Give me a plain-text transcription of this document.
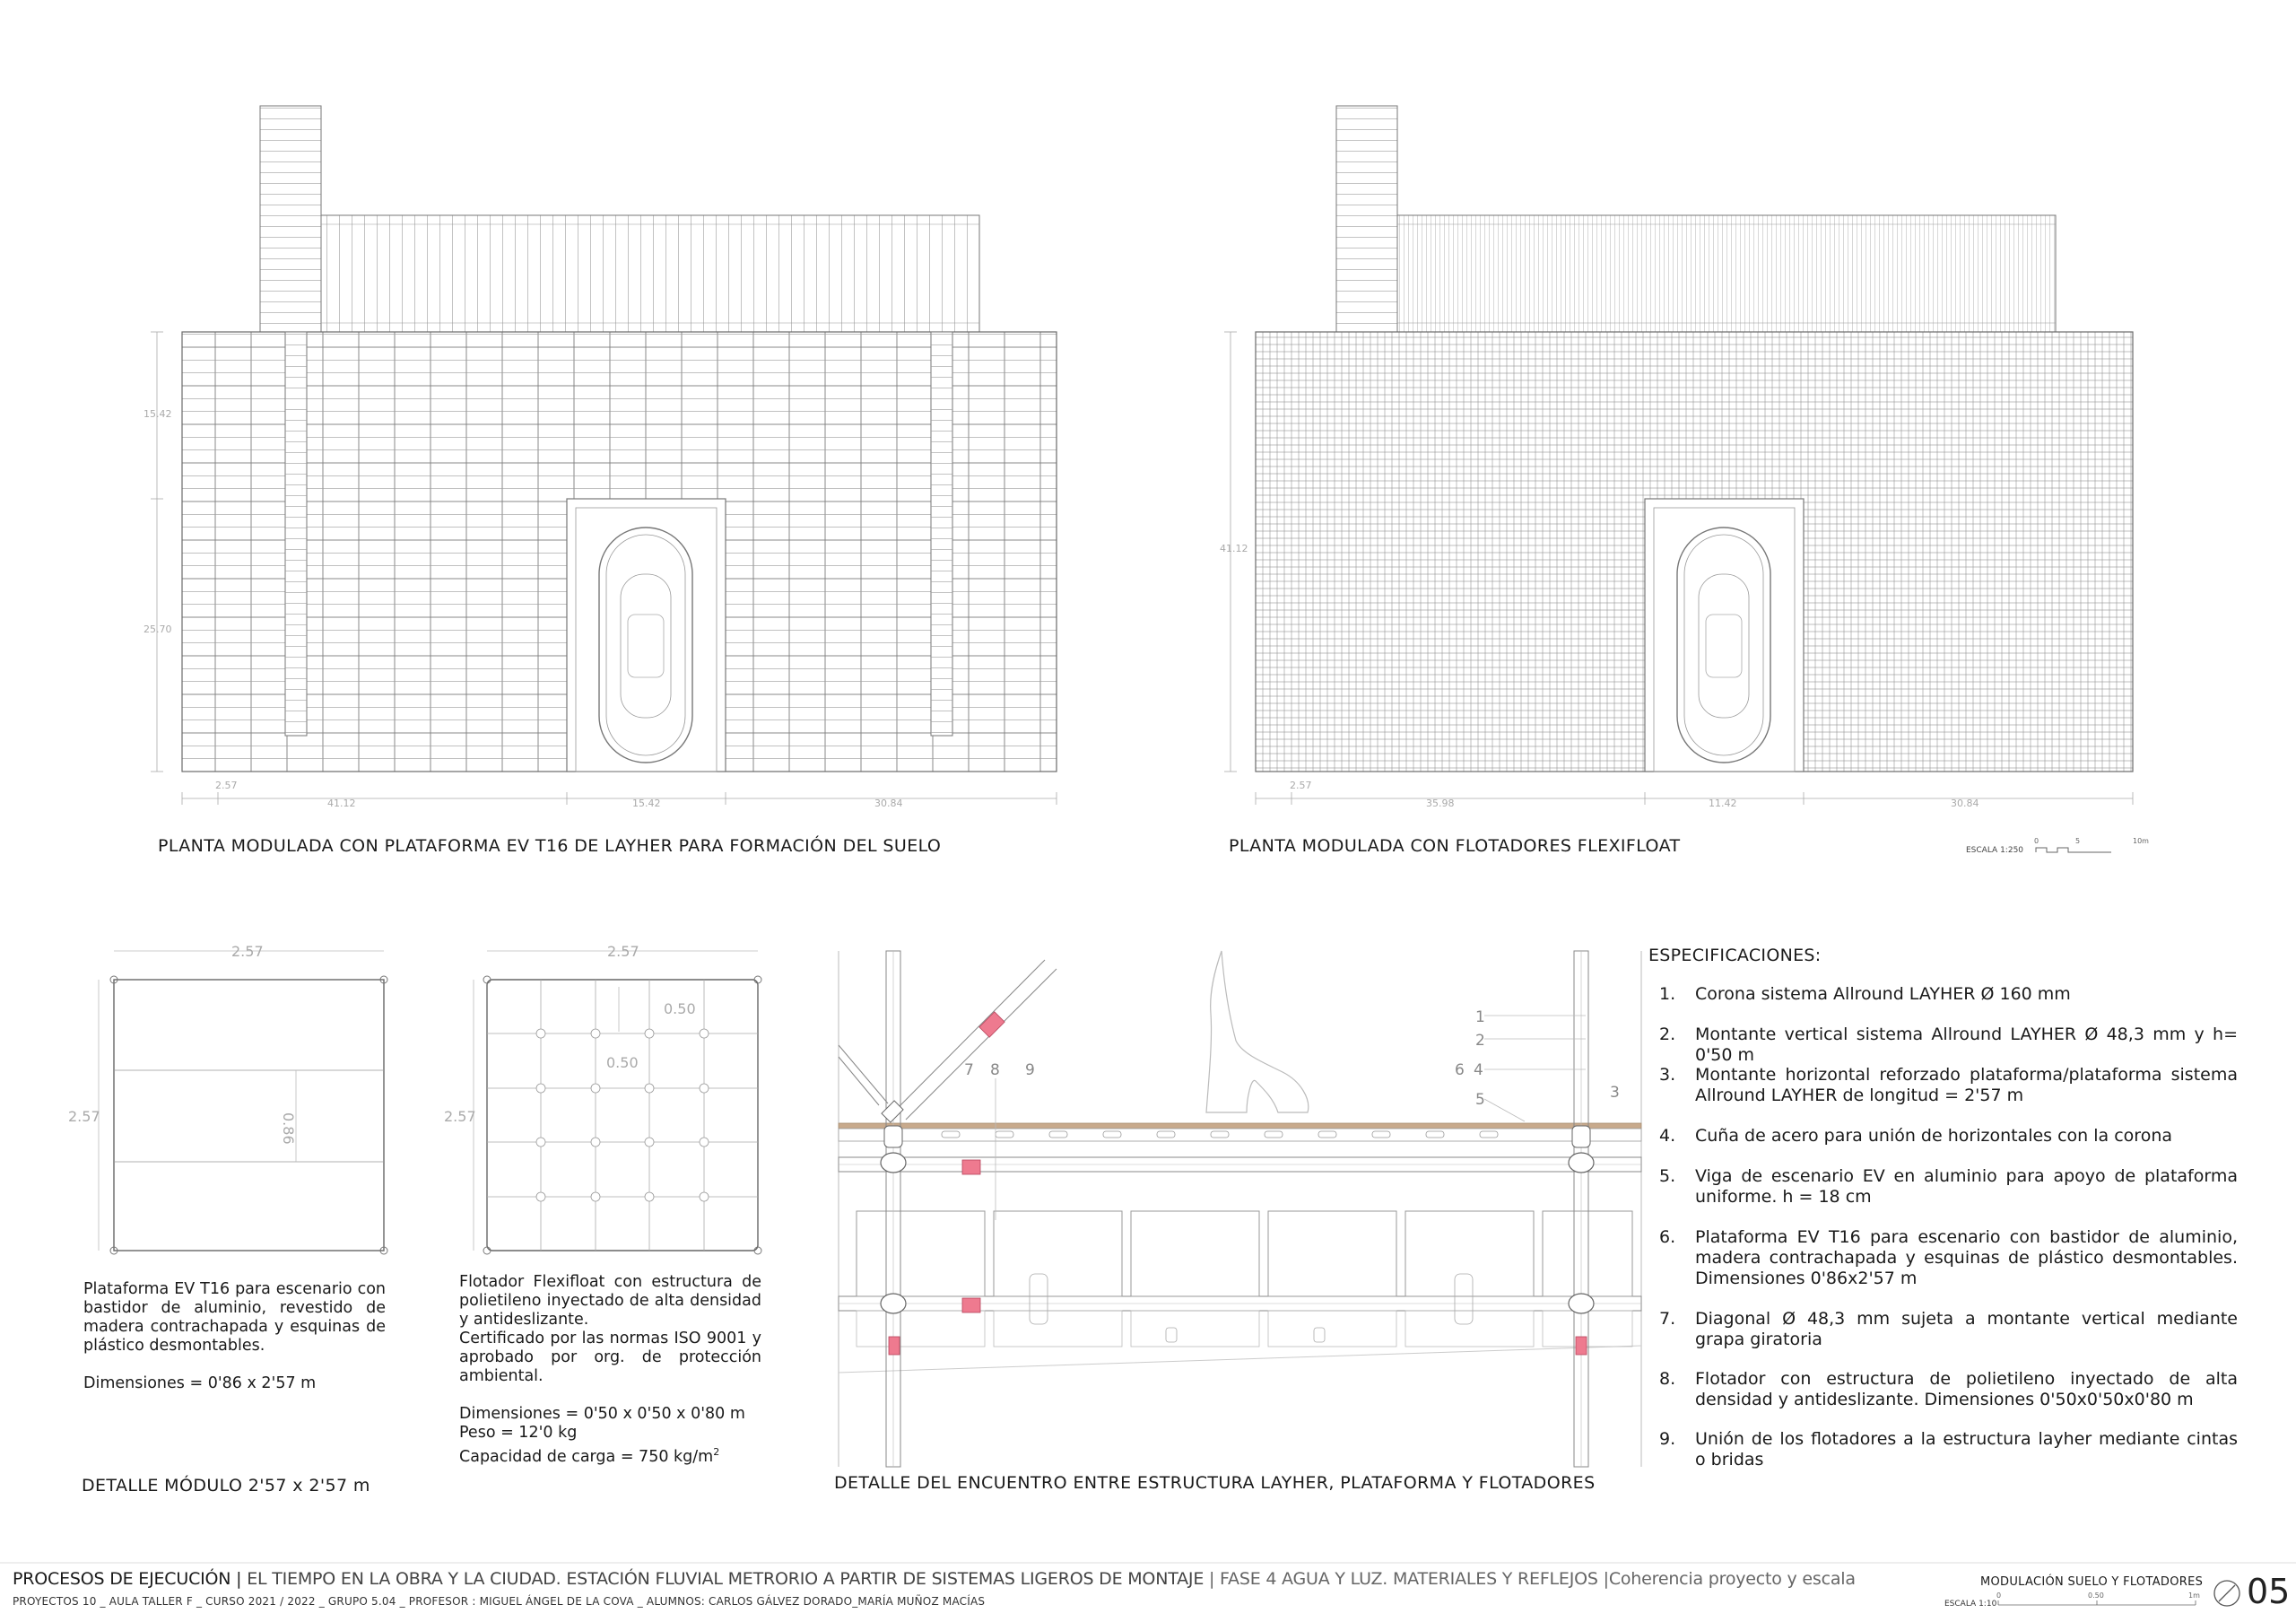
2.57
41.12	15.42	30.84
15.42
25.70
2.57
35.98	11.42	30.84
41.12
ESCALA 1:250
0	5	10m
2.57
2.57	0.86
2.57
2.57
0.50
0.50
1
2
3
4
5
6
7 8 9
PLANTA MODULADA CON PLATAFORMA EV T16 DE LAYHER PARA FORMACIÓN DEL SUELO	PLANTA MODULADA CON FLOTADORES FLEXIFLOAT

Plataforma EV T16 para escenario con bastidor de aluminio, revestido de madera contrachapada y esquinas de plástico desmontables.

Dimensiones = 0'86 x 2'57 m

DETALLE MÓDULO 2'57 x 2'57 m

Flotador Flexifloat con estructura de polietileno inyectado de alta densidad y antideslizante.

Certificado por las normas ISO 9001 y aprobado por org. de protección ambiental.

Dimensiones = 0'50 x 0'50 x 0'80 m

Peso = 12'0 kg

Capacidad de carga = 750 $kg/m^2$

DETALLE DEL ENCUENTRO ENTRE ESTRUCTURA LAYHER, PLATAFORMA Y FLOTADORES
ESPECIFICACIONES:
1.	Corona sistema Allround LAYHER Ø 160 mm
2.	Montante vertical sistema Allround LAYHER Ø 48,3 mm y h= 0'50 m
3.	Montante horizontal reforzado plataforma/plataforma sistema Allround LAYHER de longitud = 2'57 m
4.	Cuña de acero para unión de horizontales con la corona
5.	Viga de escenario EV en aluminio para apoyo de plataforma uniforme. h = 18 cm
6.	Plataforma EV T16 para escenario con bastidor de aluminio, madera contrachapada y esquinas de plástico desmontables. Dimensiones 0'86x2'57 m
7.	Diagonal Ø 48,3 mm sujeta a montante vertical mediante grapa giratoria
8.	Flotador con estructura de polietileno inyectado de alta densidad y antideslizante. Dimensiones 0'50x0'50x0'80 m
9.	Unión de los flotadores a la estructura layher mediante cintas o bridas
PROCESOS DE EJECUCIÓN | EL TIEMPO EN LA OBRA Y LA CIUDAD. ESTACIÓN FLUVIAL METRORIO A PARTIR DE SISTEMAS LIGEROS DE MONTAJE | FASE 4 AGUA Y LUZ. MATERIALES Y REFLEJOS |Coherencia proyecto y escala
PROYECTOS 10 _ AULA TALLER F _ CURSO 2021 / 2022 _ GRUPO 5.04 _ PROFESOR : MIGUEL ÁNGEL DE LA COVA _ ALUMNOS: CARLOS GÁLVEZ DORADO_MARÍA MUÑOZ MACÍAS
MODULACIÓN SUELO Y FLOTADORES
ESCALA 1:10
0	0.50	1m 05
